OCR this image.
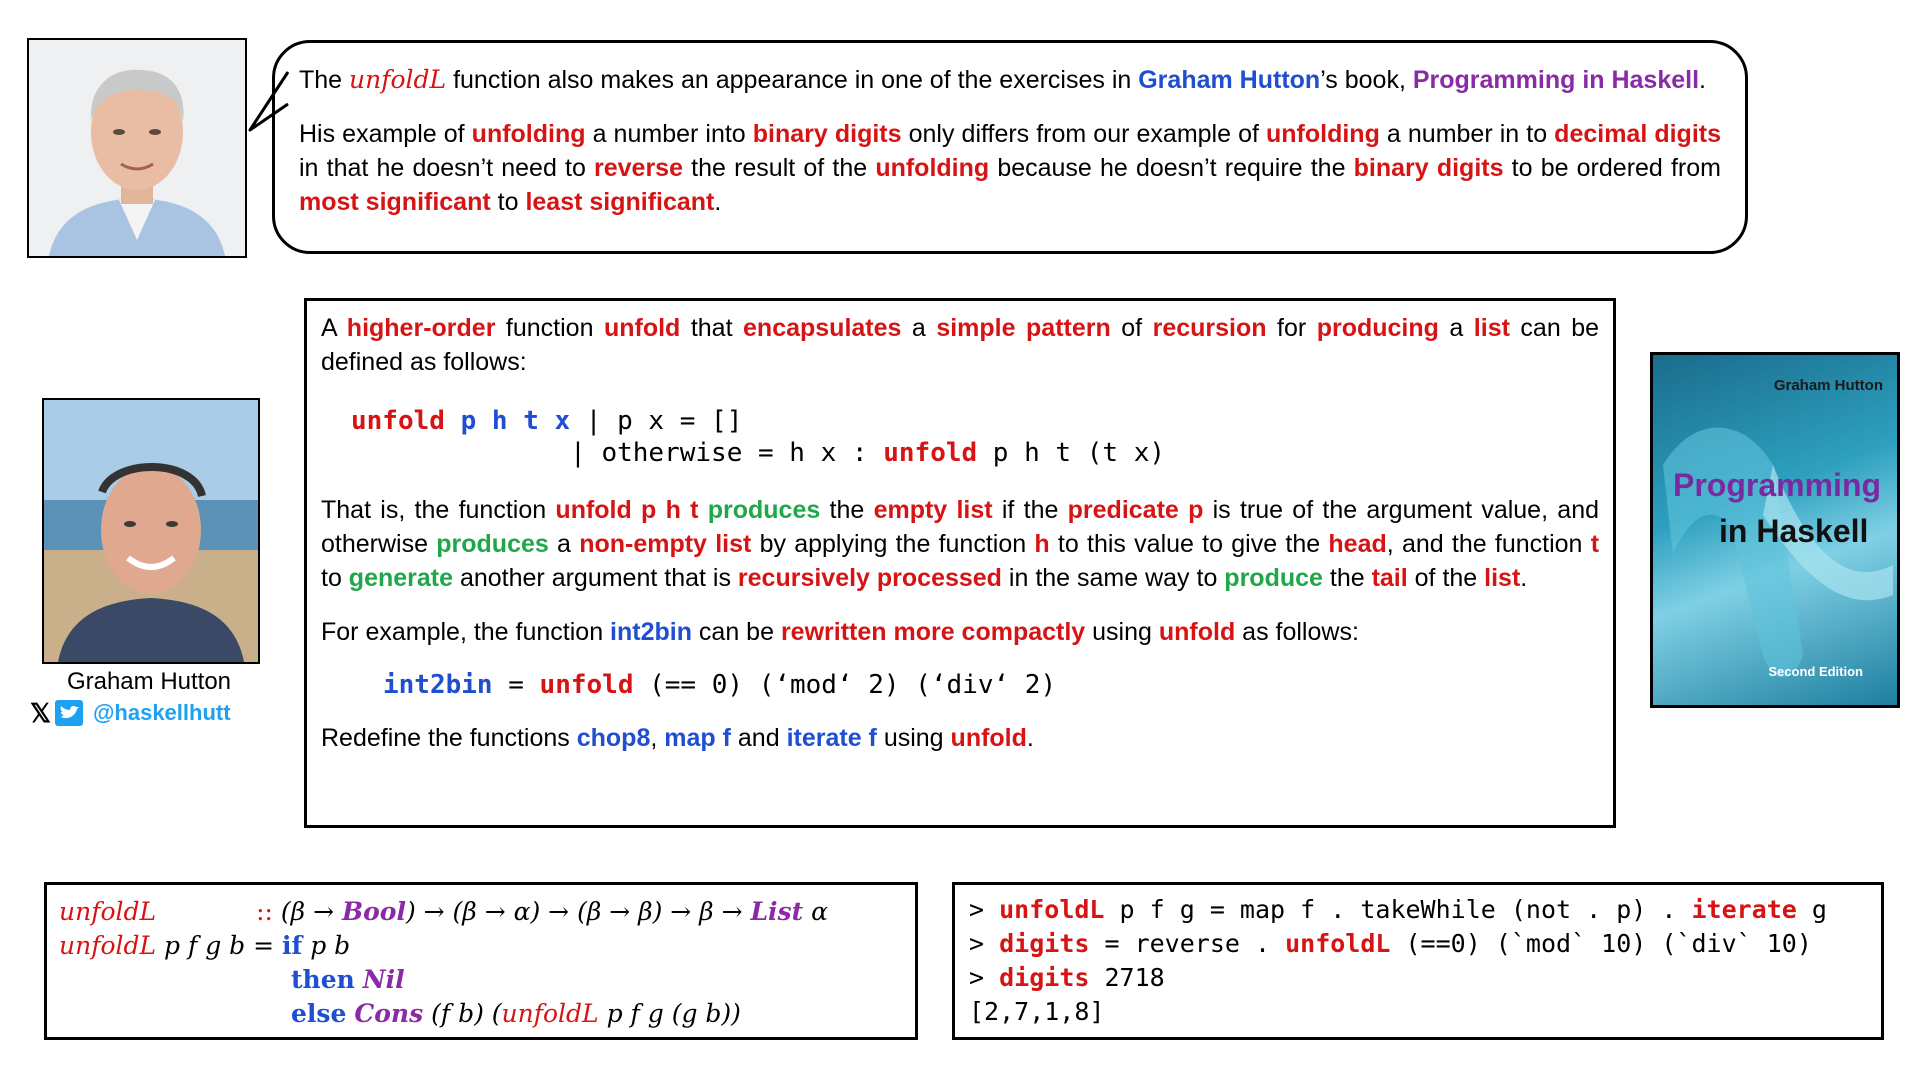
The unfoldL function also makes an appearance in one of the exercises in Graham Hutton’s book, Programming in Haskell.

His example of unfolding a number into binary digits only differs from our example of unfolding a number in to decimal digits in that he doesn’t need to reverse the result of the unfolding because he doesn’t require the binary digits to be ordered from most significant to least significant.

Graham Hutton
𝕏 @haskellhutt

A higher-order function unfold that encapsulates a simple pattern of recursion for producing a list can be defined as follows:

unfold p h t x | p x = []
| otherwise = h x : unfold p h t (t x)

That is, the function unfold p h t produces the empty list if the predicate p is true of the argument value, and otherwise produces a non-empty list by applying the function h to this value to give the head, and the function t to generate another argument that is recursively processed in the same way to produce the tail of the list.

For example, the function int2bin can be rewritten more compactly using unfold as follows:

int2bin = unfold (== 0) (‘mod‘ 2) (‘div‘ 2)

Redefine the functions chop8, map f and iterate f using unfold.

Graham Hutton
Programming
in Haskell
Second Edition
unfoldL	:: (β → Bool ) → (β → α) → (β → β) → β → List α
unfoldL p f g b = if p b
then
Nil
else
Cons (f b) ( unfoldL p f g (g b))
> unfoldL p f g = map f . takeWhile (not . p) . iterate g
> digits = reverse . unfoldL (==0) (`mod` 10) (`div` 10)
> digits 2718
[2,7,1,8]
